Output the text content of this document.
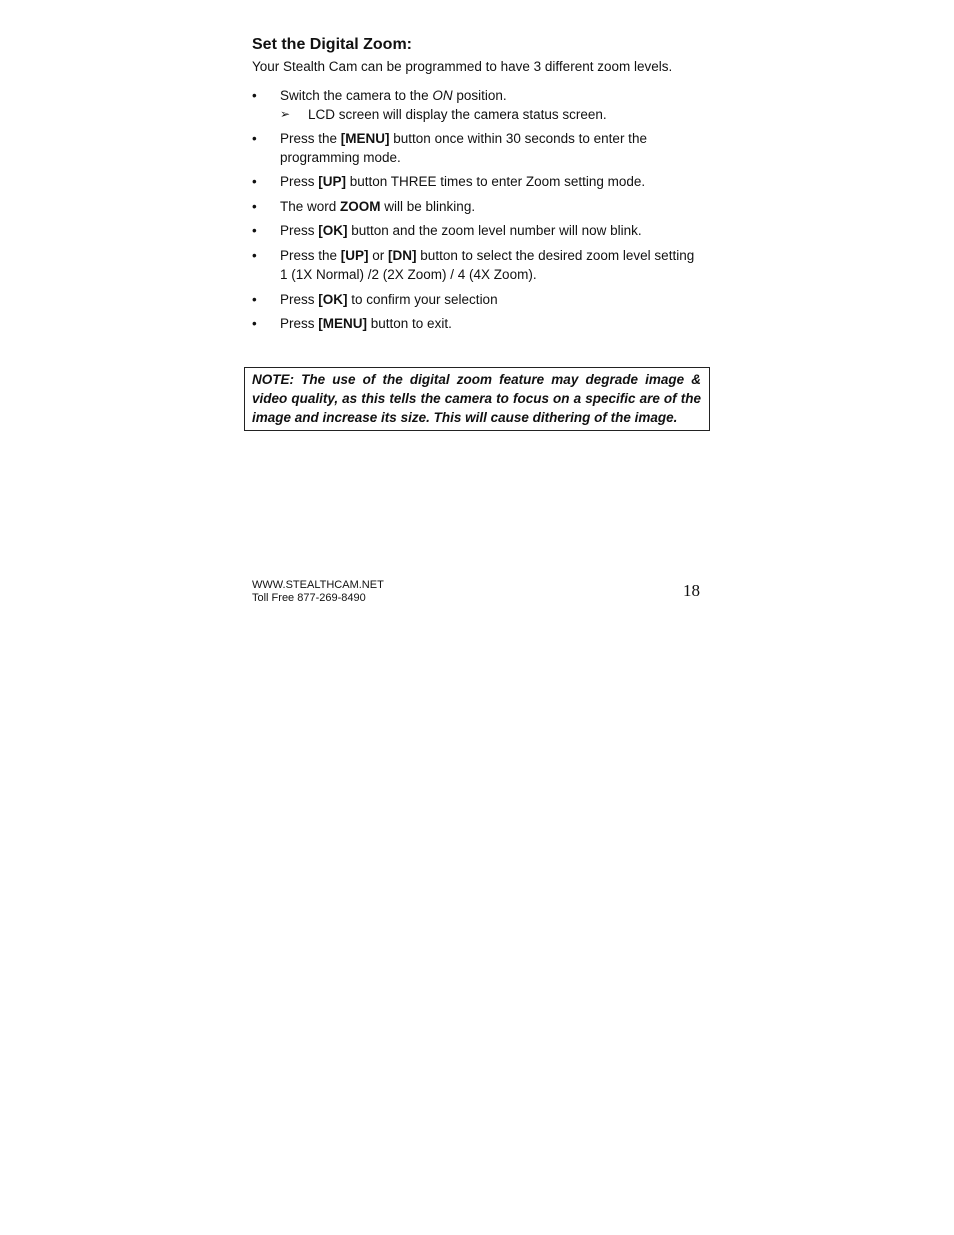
Set the Digital Zoom:

Your Stealth Cam can be programmed to have 3 different zoom levels.

•	Switch the camera to the ON position.
➢	LCD screen will display the camera status screen.
•	Press the [MENU] button once within 30 seconds to enter the programming mode.
•	Press [UP] button THREE times to enter Zoom setting mode.
•	The word ZOOM will be blinking.
•	Press [OK] button and the zoom level number will now blink.
•	Press the [UP] or [DN] button to select the desired zoom level setting 1 (1X Normal) /2 (2X Zoom) / 4 (4X Zoom).
•	Press [OK] to confirm your selection
•	Press [MENU] button to exit.
NOTE: The use of the digital zoom feature may degrade image & video quality, as this tells the camera to focus on a specific are of the image and increase its size. This will cause dithering of the image.
WWW.STEALTHCAM.NET
Toll Free 877-269-8490	18
